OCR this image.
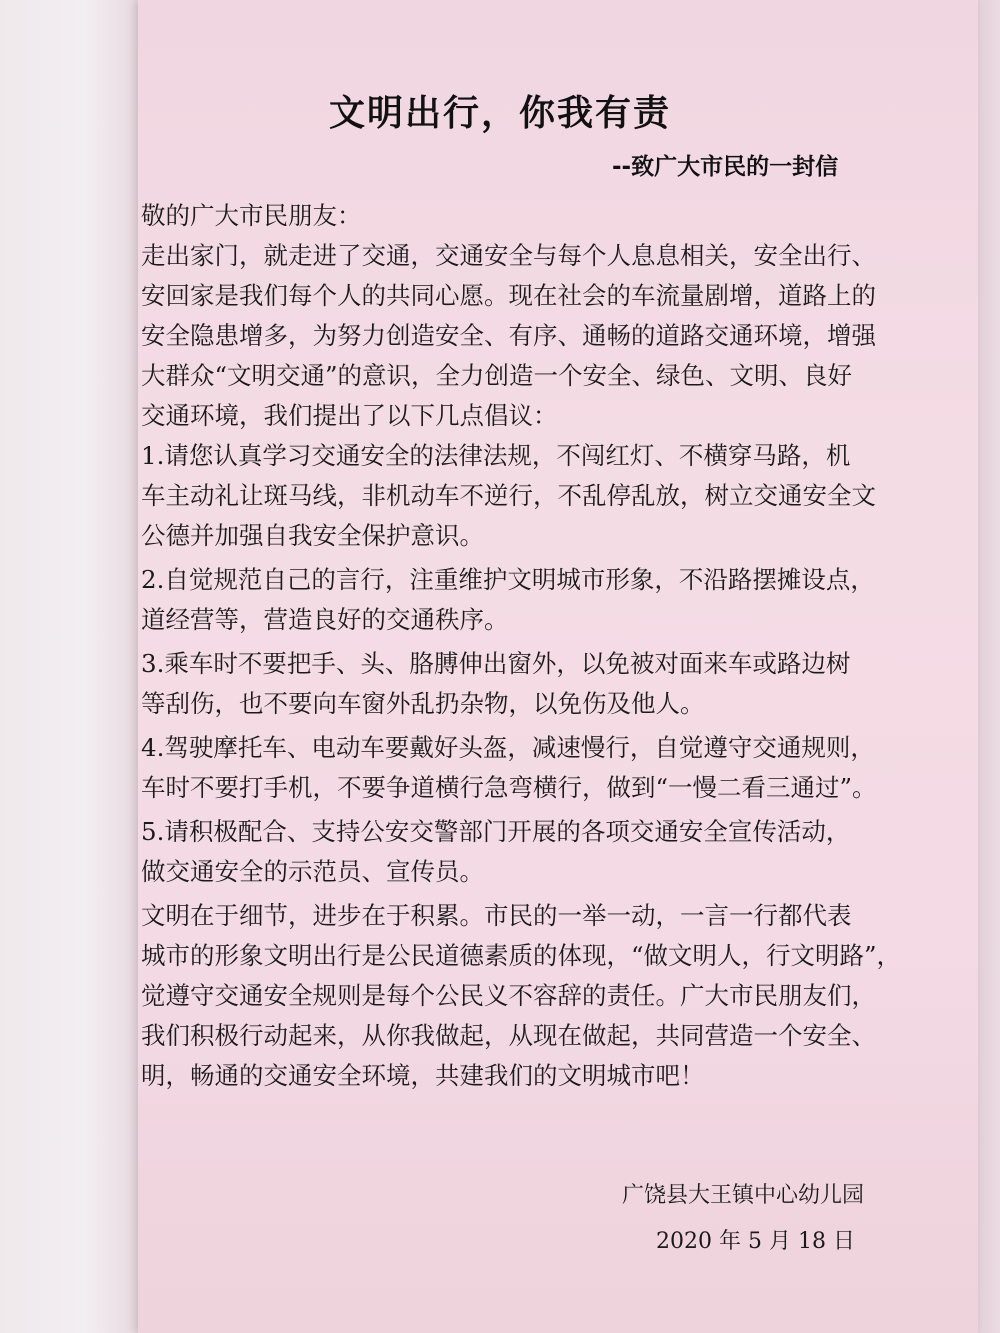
文明出行，你我有责
--致广大市民的一封信
敬的广大市民朋友：
走出家门，就走进了交通，交通安全与每个人息息相关，安全出行、
安回家是我们每个人的共同心愿。现在社会的车流量剧增，道路上的
安全隐患增多，为努力创造安全、有序、通畅的道路交通环境，增强
大群众“文明交通”的意识，全力创造一个安全、绿色、文明、良好
交通环境，我们提出了以下几点倡议：
1.请您认真学习交通安全的法律法规，不闯红灯、不横穿马路，机
车主动礼让斑马线，非机动车不逆行，不乱停乱放，树立交通安全文
公德并加强自我安全保护意识。
2.自觉规范自己的言行，注重维护文明城市形象，不沿路摆摊设点，
道经营等，营造良好的交通秩序。
3.乘车时不要把手、头、胳膊伸出窗外，以免被对面来车或路边树
等刮伤，也不要向车窗外乱扔杂物，以免伤及他人。
4.驾驶摩托车、电动车要戴好头盔，减速慢行，自觉遵守交通规则，
车时不要打手机，不要争道横行急弯横行，做到“一慢二看三通过”。
5.请积极配合、支持公安交警部门开展的各项交通安全宣传活动，
做交通安全的示范员、宣传员。
文明在于细节，进步在于积累。市民的一举一动，一言一行都代表
城市的形象文明出行是公民道德素质的体现，“做文明人，行文明路”，
觉遵守交通安全规则是每个公民义不容辞的责任。广大市民朋友们，
我们积极行动起来，从你我做起，从现在做起，共同营造一个安全、
明，畅通的交通安全环境，共建我们的文明城市吧！
广饶县大王镇中心幼儿园
2020 年 5 月 18 日
